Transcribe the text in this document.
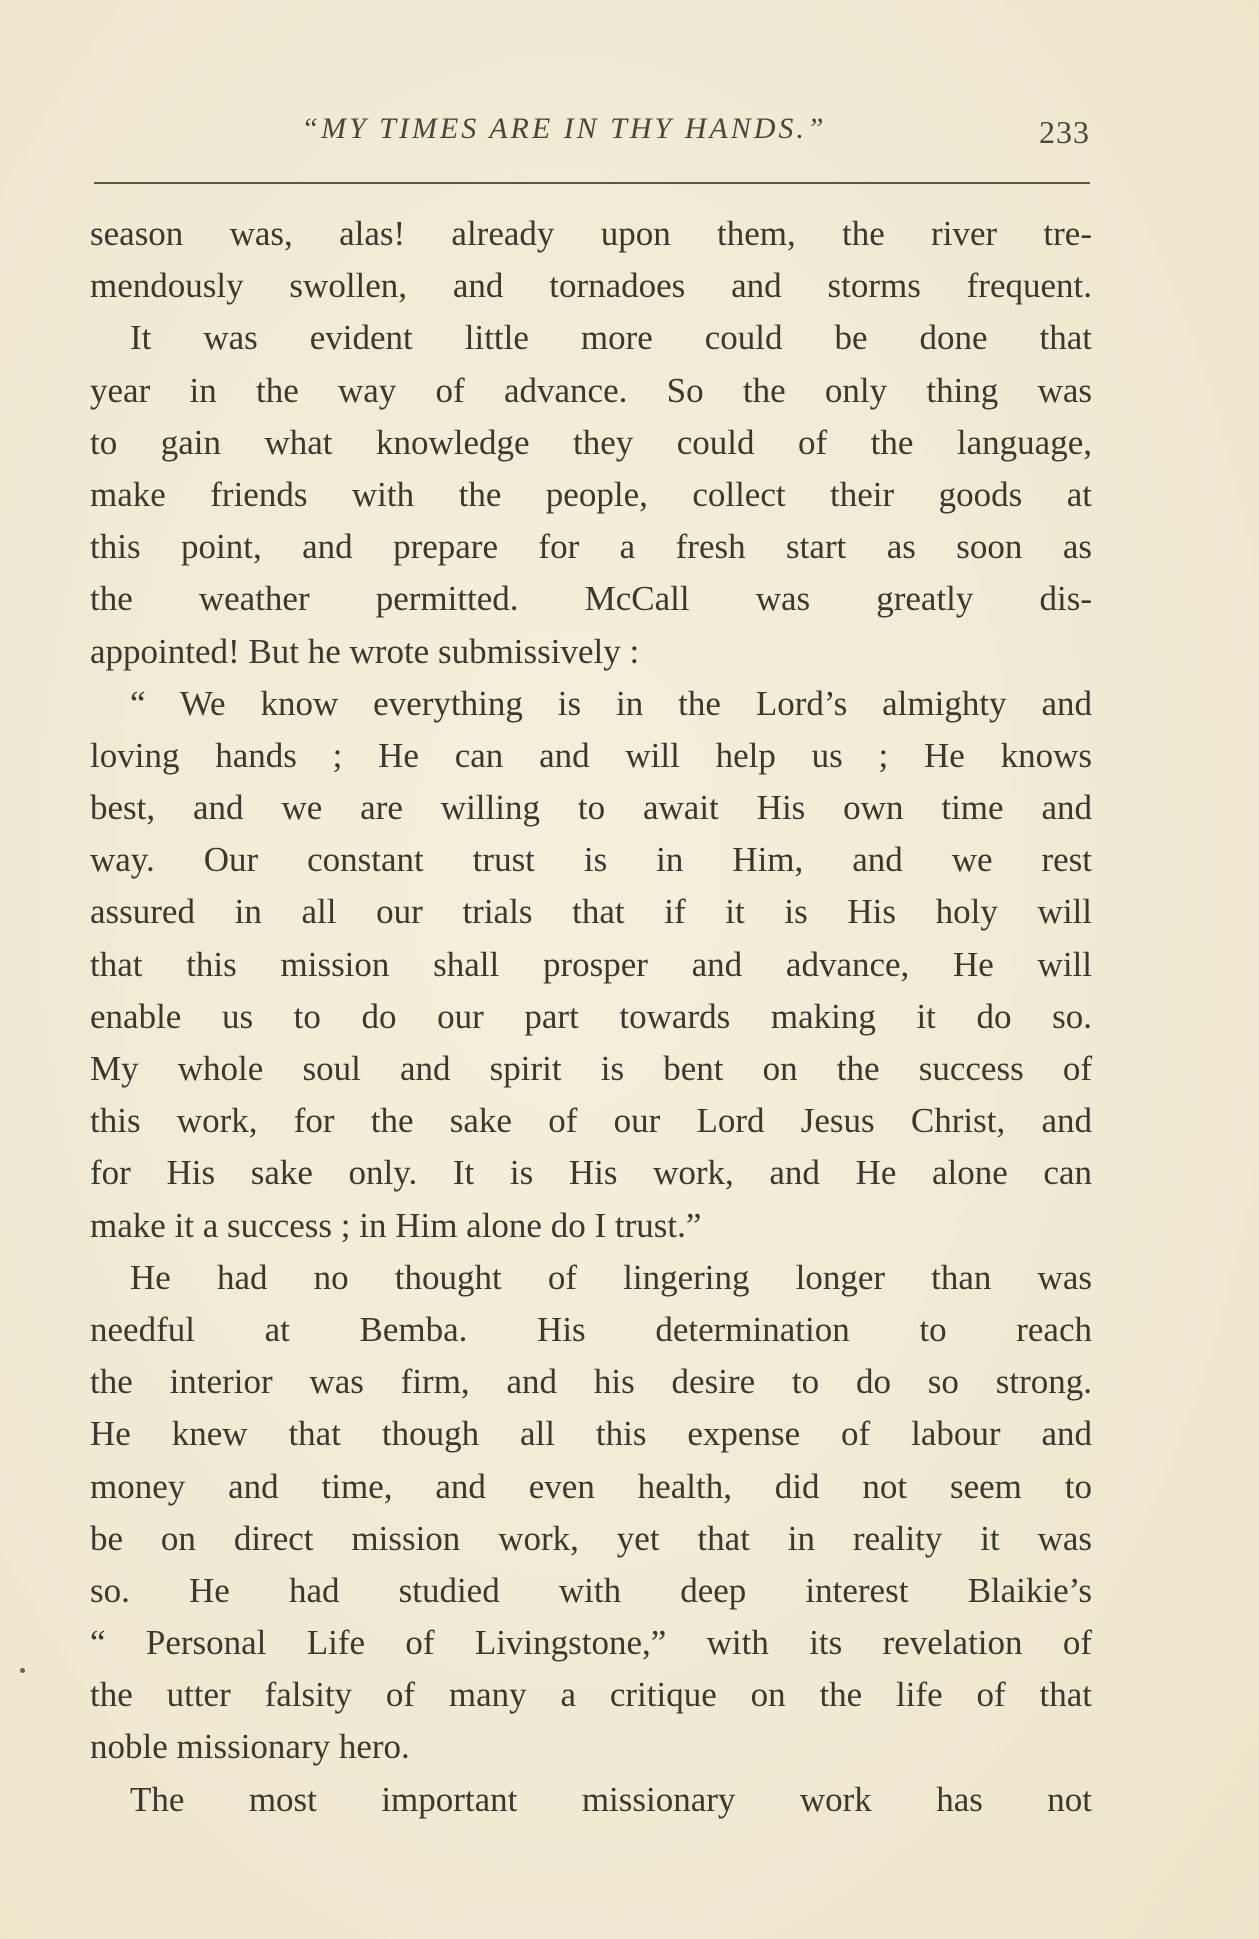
“MY TIMES ARE IN THY HANDS.”	233
season was, alas! already upon them, the river tre-
mendously swollen, and tornadoes and storms frequent.
It was evident little more could be done that
year in the way of advance. So the only thing was
to gain what knowledge they could of the language,
make friends with the people, collect their goods at
this point, and prepare for a fresh start as soon as
the weather permitted. McCall was greatly dis-
appointed! But he wrote submissively :
“ We know everything is in the Lord’s almighty and
loving hands ; He can and will help us ; He knows
best, and we are willing to await His own time and
way. Our constant trust is in Him, and we rest
assured in all our trials that if it is His holy will
that this mission shall prosper and advance, He will
enable us to do our part towards making it do so.
My whole soul and spirit is bent on the success of
this work, for the sake of our Lord Jesus Christ, and
for His sake only. It is His work, and He alone can
make it a success ; in Him alone do I trust.”
He had no thought of lingering longer than was
needful at Bemba. His determination to reach
the interior was firm, and his desire to do so strong.
He knew that though all this expense of labour and
money and time, and even health, did not seem to
be on direct mission work, yet that in reality it was
so. He had studied with deep interest Blaikie’s
“ Personal Life of Livingstone,” with its revelation of
the utter falsity of many a critique on the life of that
noble missionary hero.
The most important missionary work has not
